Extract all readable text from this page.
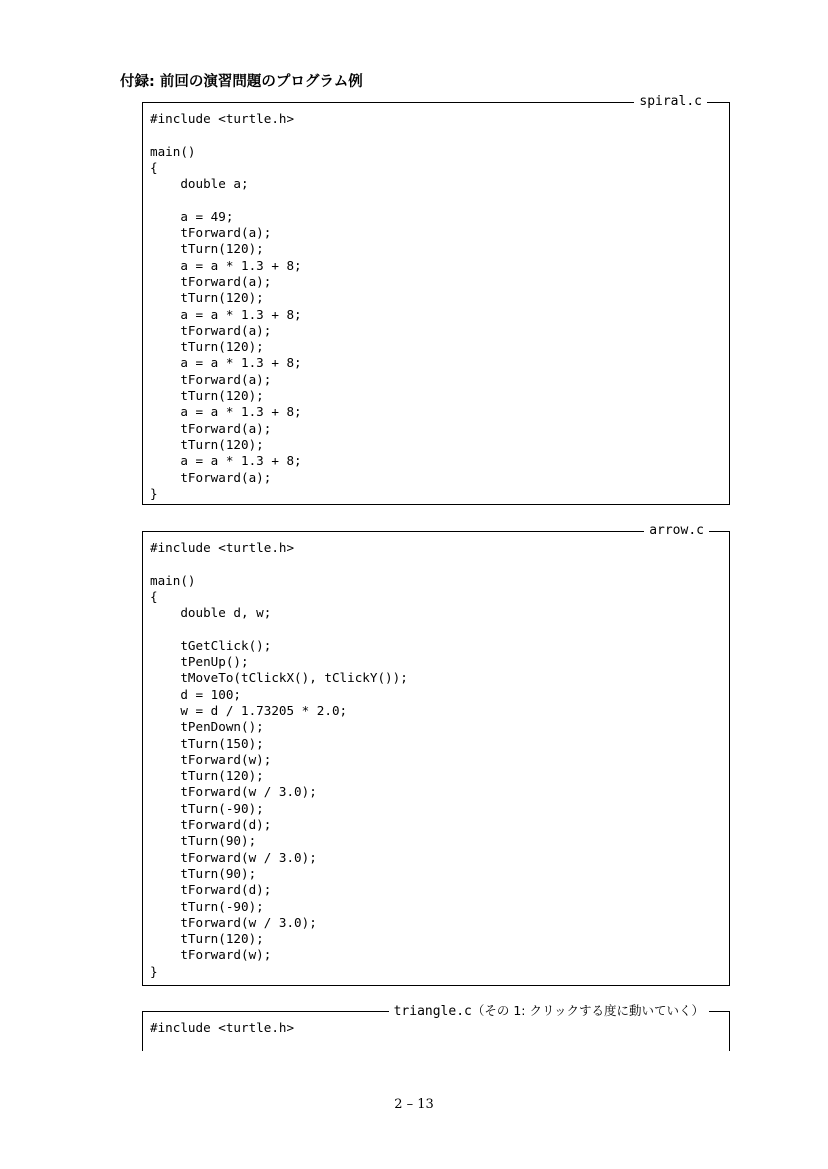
付録: 前回の演習問題のプログラム例
spiral.c
#include <turtle.h>

main()
{
double a;

a = 49;
tForward(a);
tTurn(120);
a = a * 1.3 + 8;
tForward(a);
tTurn(120);
a = a * 1.3 + 8;
tForward(a);
tTurn(120);
a = a * 1.3 + 8;
tForward(a);
tTurn(120);
a = a * 1.3 + 8;
tForward(a);
tTurn(120);
a = a * 1.3 + 8;
tForward(a);
}
arrow.c
#include <turtle.h>

main()
{
double d, w;

tGetClick();
tPenUp();
tMoveTo(tClickX(), tClickY());
d = 100;
w = d / 1.73205 * 2.0;
tPenDown();
tTurn(150);
tForward(w);
tTurn(120);
tForward(w / 3.0);
tTurn(-90);
tForward(d);
tTurn(90);
tForward(w / 3.0);
tTurn(90);
tForward(d);
tTurn(-90);
tForward(w / 3.0);
tTurn(120);
tForward(w);
}
triangle.c（その 1: クリックする度に動いていく）
#include <turtle.h>
2 – 13
